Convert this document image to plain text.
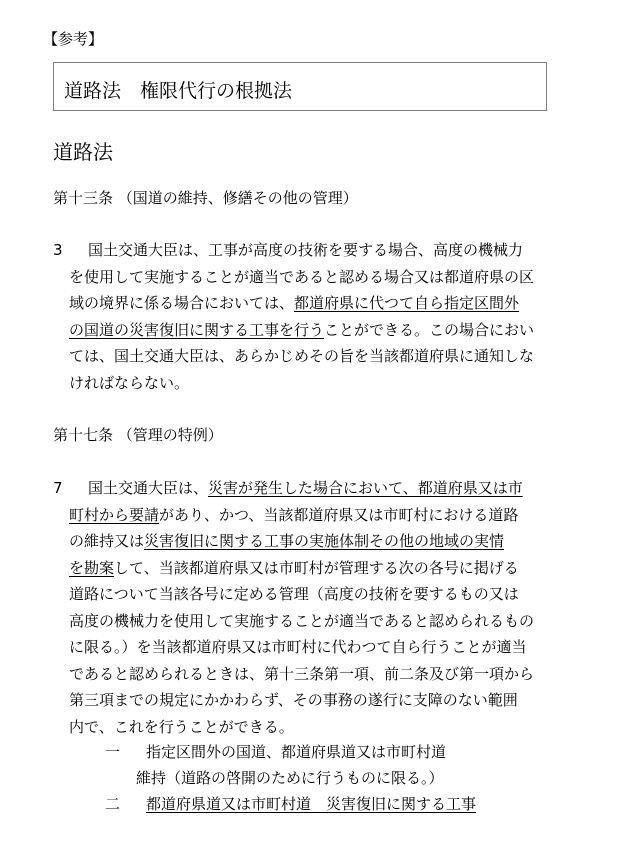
【参考】
道路法　権限代行の根拠法
道路法
第十三条 （国道の維持、修繕その他の管理）
3	国土交通大臣は、工事が高度の技術を要する場合、高度の機械力
を使用して実施することが適当であると認める場合又は都道府県の区
域の境界に係る場合においては、都道府県に代つて自ら指定区間外
の国道の災害復旧に関する工事を行うことができる。この場合におい
ては、国土交通大臣は、あらかじめその旨を当該都道府県に通知しな
ければならない。
第十七条 （管理の特例）
7	国土交通大臣は、災害が発生した場合において、都道府県又は市
町村から要請があり、かつ、当該都道府県又は市町村における道路
の維持又は災害復旧に関する工事の実施体制その他の地域の実情
を勘案して、当該都道府県又は市町村が管理する次の各号に掲げる
道路について当該各号に定める管理（高度の技術を要するもの又は
高度の機械力を使用して実施することが適当であると認められるもの
に限る。）を当該都道府県又は市町村に代わつて自ら行うことが適当
であると認められるときは、第十三条第一項、前二条及び第一項から
第三項までの規定にかかわらず、その事務の遂行に支障のない範囲
内で、これを行うことができる。
一 指定区間外の国道、都道府県道又は市町村道
維持（道路の啓開のために行うものに限る。）
二 都道府県道又は市町村道　災害復旧に関する工事
